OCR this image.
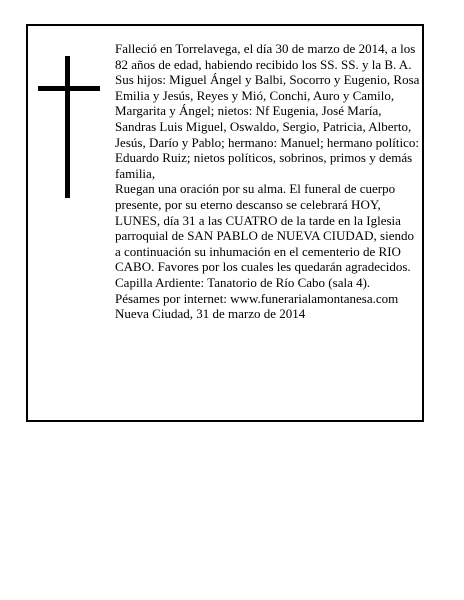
Falleció en Torrelavega, el día 30 de marzo de 2014, a los 82 años de edad, habiendo recibido los SS. SS. y la B. A.

Sus hijos: Miguel Ángel y Balbi, Socorro y Eugenio, Rosa Emilia y Jesús, Reyes y Mió, Conchi, Auro y Camilo, Margarita y Ángel; nietos: Nf Eugenia, José María, Sandras Luis Miguel, Oswaldo, Sergio, Patricia, Alberto, Jesús, Darío y Pablo; hermano: Manuel; hermano político: Eduardo Ruiz; nietos políticos, sobrinos, primos y demás familia,

Ruegan una oración por su alma. El funeral de cuerpo presente, por su eterno descanso se celebrará HOY, LUNES, día 31 a las CUATRO de la tarde en la Iglesia parroquial de SAN PABLO de NUEVA CIUDAD, siendo a continuación su inhumación en el cementerio de RIO CABO. Favores por los cuales les quedarán agradecidos. Capilla Ardiente: Tanatorio de Río Cabo (sala 4).

Pésames por internet: www.funerarialamontanesa.com

Nueva Ciudad, 31 de marzo de 2014
